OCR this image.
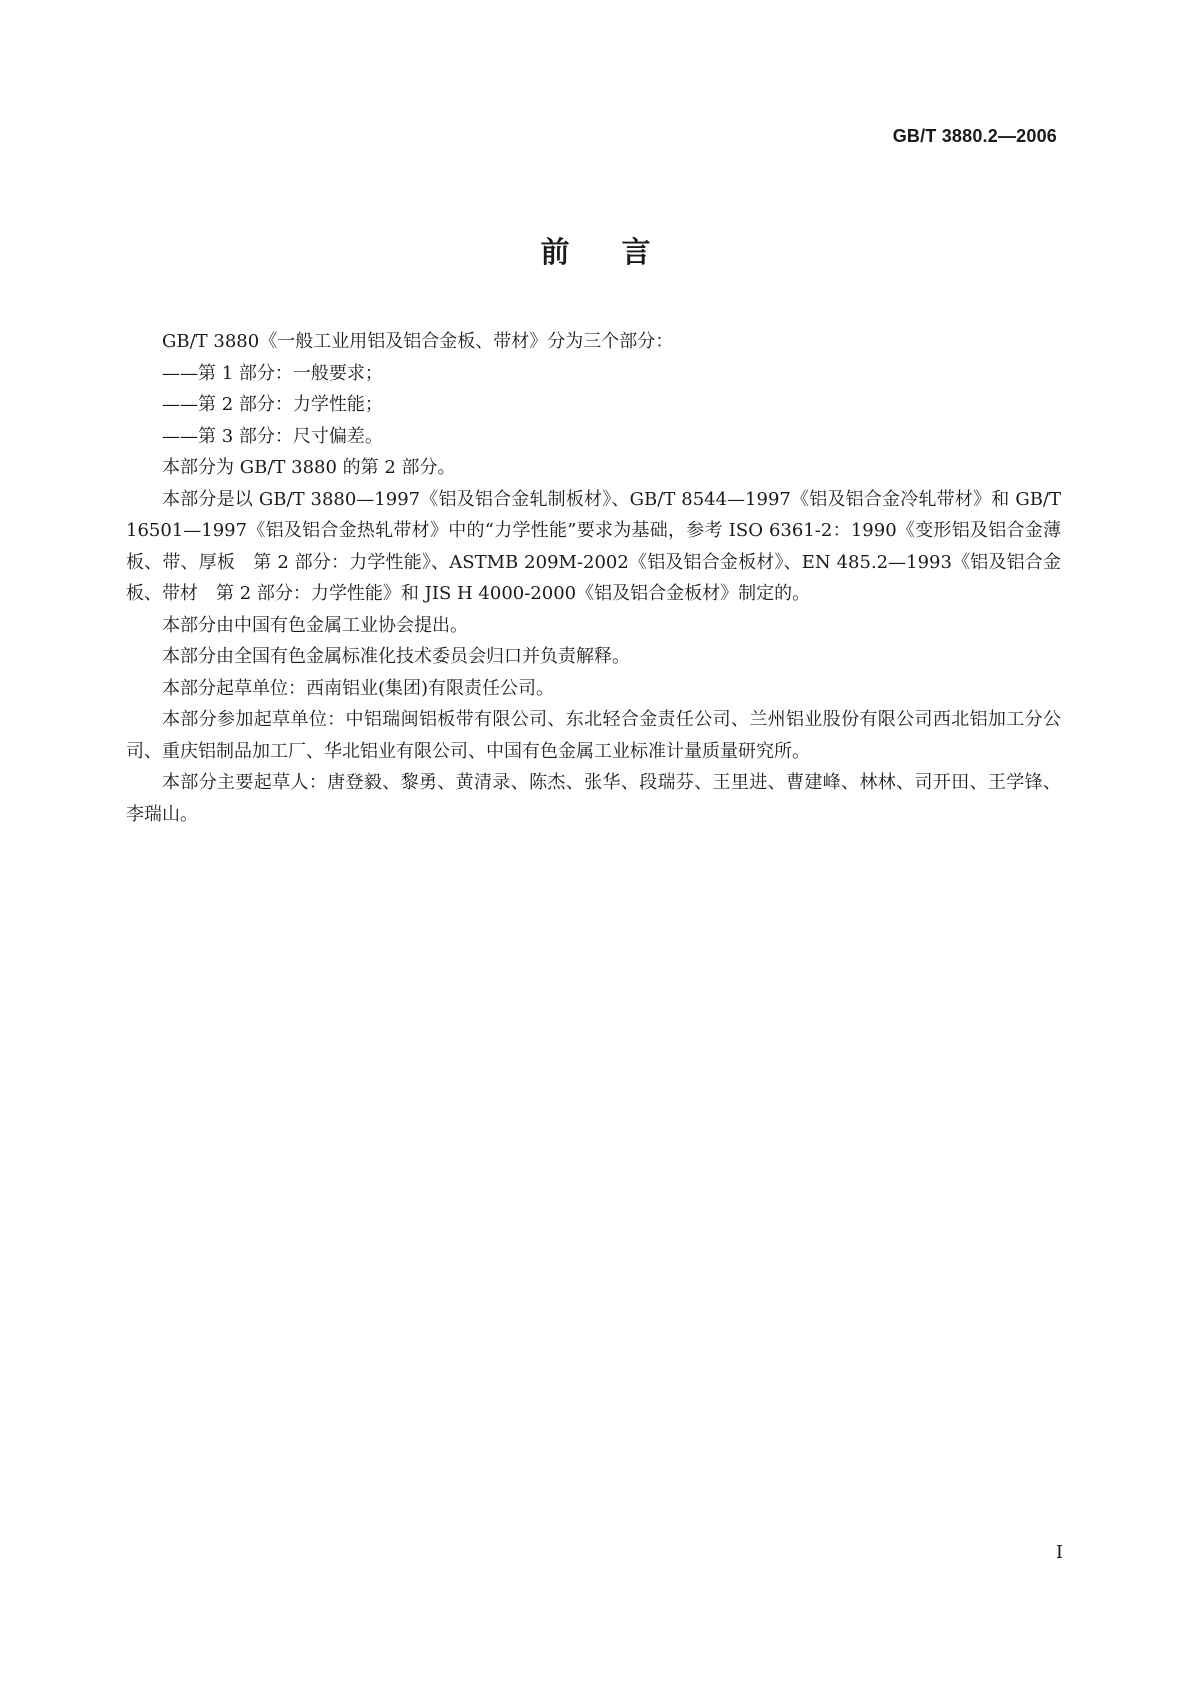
GB/T 3880.2—2006
前言

GB/T 3880《一般工业用铝及铝合金板、带材》分为三个部分：

——第 1 部分：一般要求；

——第 2 部分：力学性能；

——第 3 部分：尺寸偏差。

本部分为 GB/T 3880 的第 2 部分。

本部分是以 GB/T 3880—1997《铝及铝合金轧制板材》、GB/T 8544—1997《铝及铝合金冷轧带材》和 GB/T 16501—1997《铝及铝合金热轧带材》中的“力学性能”要求为基础，参考 ISO 6361-2：1990《变形铝及铝合金薄板、带、厚板　第 2 部分：力学性能》、ASTMB 209M-2002《铝及铝合金板材》、EN 485.2—1993《铝及铝合金板、带材　第 2 部分：力学性能》和 JIS H 4000-2000《铝及铝合金板材》制定的。

本部分由中国有色金属工业协会提出。

本部分由全国有色金属标准化技术委员会归口并负责解释。

本部分起草单位：西南铝业(集团)有限责任公司。

本部分参加起草单位：中铝瑞闽铝板带有限公司、东北轻合金责任公司、兰州铝业股份有限公司西北铝加工分公司、重庆铝制品加工厂、华北铝业有限公司、中国有色金属工业标准计量质量研究所。

本部分主要起草人：唐登毅、黎勇、黄清录、陈杰、张华、段瑞芬、王里进、曹建峰、林林、司开田、王学锋、李瑞山。

I
